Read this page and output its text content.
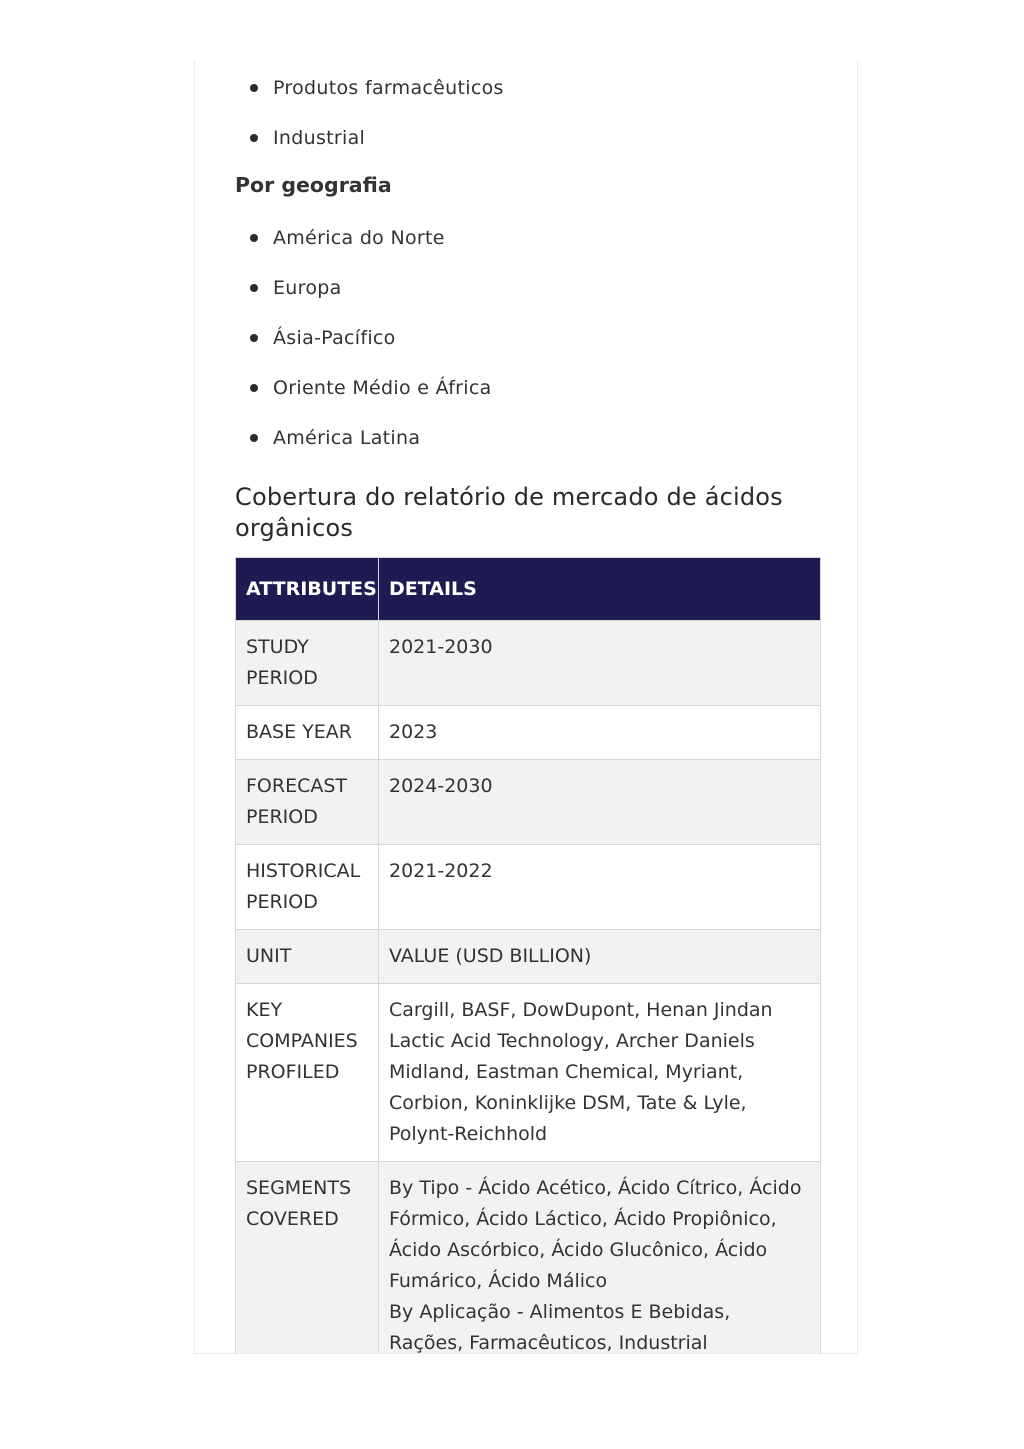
Produtos farmacêuticos
Industrial
Por geografia
América do Norte
Europa
Ásia-Pacífico
Oriente Médio e África
América Latina
Cobertura do relatório de mercado de ácidos orgânicos
ATTRIBUTES	DETAILS
STUDY PERIOD	2021-2030
BASE YEAR	2023
FORECAST PERIOD	2024-2030
HISTORICAL PERIOD	2021-2022
UNIT	VALUE (USD BILLION)
KEY COMPANIES PROFILED	Cargill, BASF, DowDupont, Henan Jindan Lactic Acid Technology, Archer Daniels Midland, Eastman Chemical, Myriant, Corbion, Koninklijke DSM, Tate & Lyle, Polynt-Reichhold
SEGMENTS COVERED	By Tipo - Ácido Acético, Ácido Cítrico, Ácido Fórmico, Ácido Láctico, Ácido Propiônico, Ácido Ascórbico, Ácido Glucônico, Ácido Fumárico, Ácido Málico
By Aplicação - Alimentos E Bebidas, Rações, Farmacêuticos, Industrial
